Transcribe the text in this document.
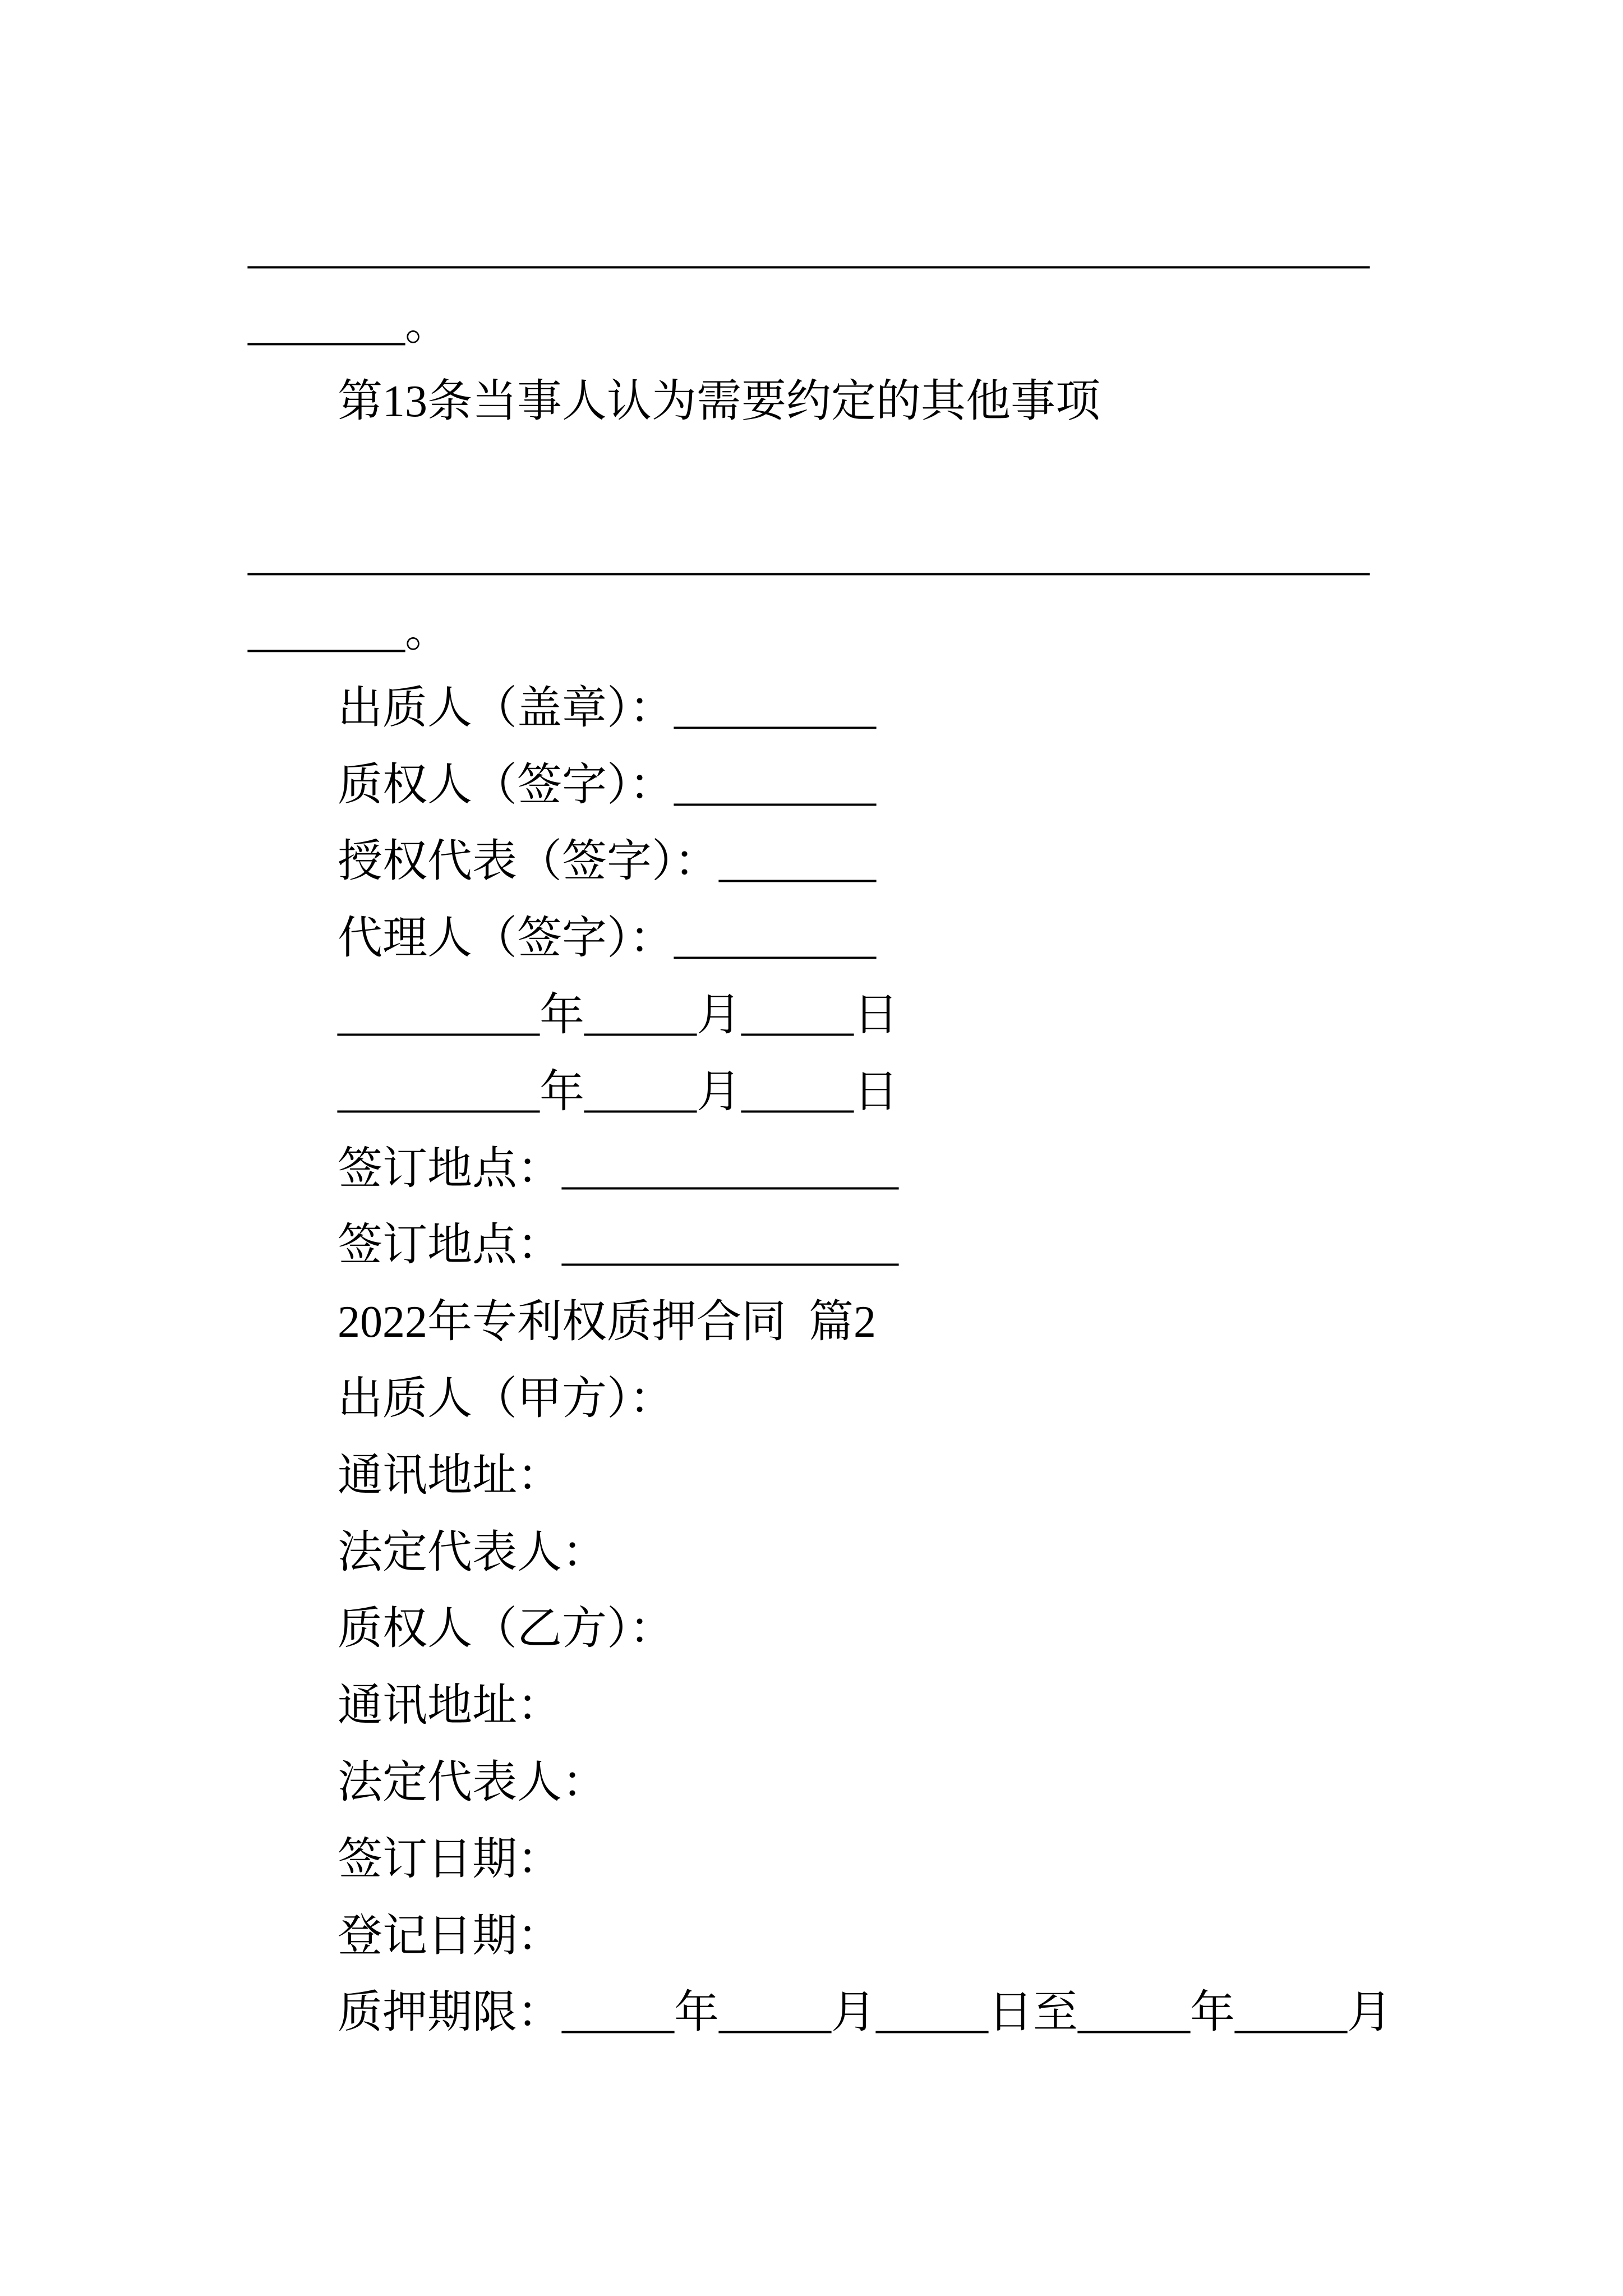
__________________________________________________
_______。
第13条当事人认为需要约定的其他事项
__________________________________________________
_______。
出质人（盖章）：_________
质权人（签字）：_________
授权代表（签字）：_______
代理人（签字）：_________
_________年_____月_____日
_________年_____月_____日
签订地点：_______________
签订地点：_______________
2022年专利权质押合同 篇2
出质人（甲方）：
通讯地址：
法定代表人：
质权人（乙方）：
通讯地址：
法定代表人：
签订日期：
登记日期：
质押期限：_____年_____月_____日至_____年_____月
